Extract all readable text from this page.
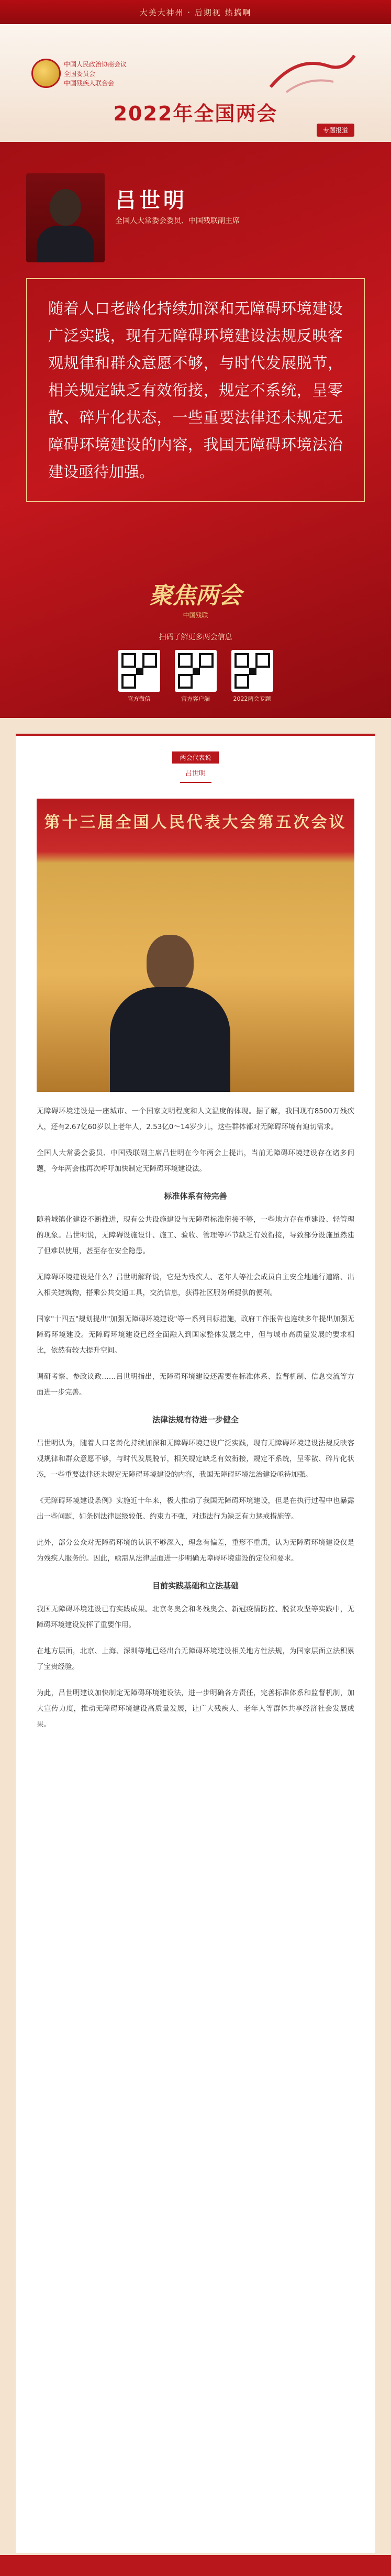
大美大神州 · 后期视 热搞啊
中国人民政治协商会议
全国委员会
中国残疾人联合会
2022年全国两会
专题报道
吕世明
全国人大常委会委员、中国残联副主席
随着人口老龄化持续加深和无障碍环境建设广泛实践，现有无障碍环境建设法规反映客观规律和群众意愿不够，与时代发展脱节，相关规定缺乏有效衔接，规定不系统，呈零散、碎片化状态，一些重要法律还未规定无障碍环境建设的内容，我国无障碍环境法治建设亟待加强。
聚焦两会
中国残联
扫码了解更多两会信息
官方微信	官方客户端	2022两会专题
两会代表说
吕世明
第十三届全国人民代表大会第五次会议

无障碍环境建设是一座城市、一个国家文明程度和人文温度的体现。据了解，我国现有8500万残疾人，还有2.67亿60岁以上老年人，2.53亿0～14岁少儿，这些群体都对无障碍环境有迫切需求。

全国人大常委会委员、中国残联副主席吕世明在今年两会上提出，当前无障碍环境建设存在诸多问题，今年两会他再次呼吁加快制定无障碍环境建设法。

标准体系有待完善

随着城镇化建设不断推进，现有公共设施建设与无障碍标准衔接不够，一些地方存在重建设、轻管理的现象。吕世明说，无障碍设施设计、施工、验收、管理等环节缺乏有效衔接，导致部分设施虽然建了但难以使用，甚至存在安全隐患。

无障碍环境建设是什么？吕世明解释说，它是为残疾人、老年人等社会成员自主安全地通行道路、出入相关建筑物，搭乘公共交通工具，交流信息，获得社区服务所提供的便利。

国家"十四五"规划提出"加强无障碍环境建设"等一系列目标措施，政府工作报告也连续多年提出加强无障碍环境建设。无障碍环境建设已经全面融入到国家整体发展之中，但与城市高质量发展的要求相比，依然有较大提升空间。

调研考察、参政议政……吕世明指出，无障碍环境建设还需要在标准体系、监督机制、信息交流等方面进一步完善。

法律法规有待进一步健全

吕世明认为，随着人口老龄化持续加深和无障碍环境建设广泛实践，现有无障碍环境建设法规反映客观规律和群众意愿不够，与时代发展脱节，相关规定缺乏有效衔接，规定不系统，呈零散、碎片化状态，一些重要法律还未规定无障碍环境建设的内容，我国无障碍环境法治建设亟待加强。

《无障碍环境建设条例》实施近十年来，极大推动了我国无障碍环境建设，但是在执行过程中也暴露出一些问题，如条例法律层级较低、约束力不强，对违法行为缺乏有力惩戒措施等。

此外，部分公众对无障碍环境的认识不够深入，理念有偏差，重形不重质，认为无障碍环境建设仅是为残疾人服务的。因此，亟需从法律层面进一步明确无障碍环境建设的定位和要求。

目前实践基础和立法基础

我国无障碍环境建设已有实践成果。北京冬奥会和冬残奥会、新冠疫情防控、脱贫攻坚等实践中，无障碍环境建设发挥了重要作用。

在地方层面，北京、上海、深圳等地已经出台无障碍环境建设相关地方性法规，为国家层面立法积累了宝贵经验。

为此，吕世明建议加快制定无障碍环境建设法，进一步明确各方责任，完善标准体系和监督机制，加大宣传力度，推动无障碍环境建设高质量发展，让广大残疾人、老年人等群体共享经济社会发展成果。
